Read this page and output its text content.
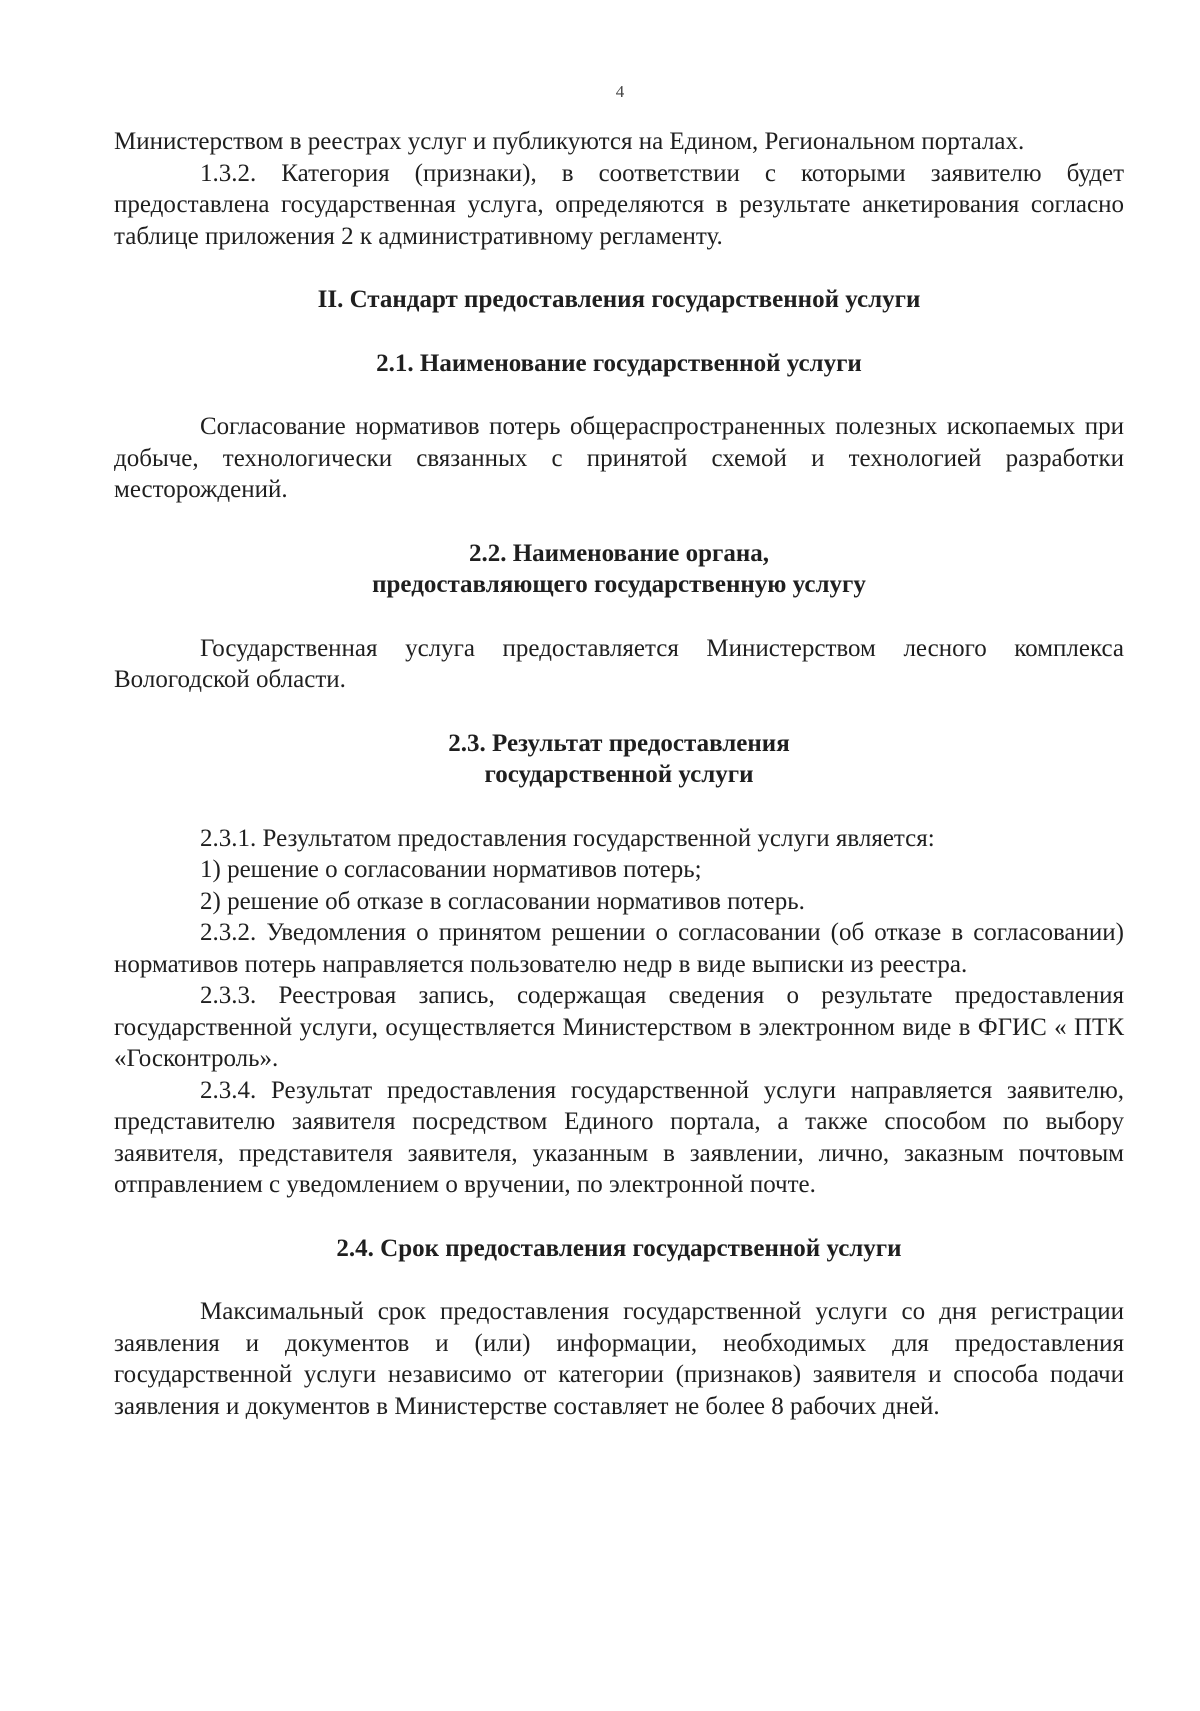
4

Министерством в реестрах услуг и публикуются на Едином, Региональном порталах.

1.3.2. Категория (признаки), в соответствии с которыми заявителю будет предоставлена государственная услуга, определяются в результате анкетирования согласно таблице приложения 2 к административному регламенту.

II. Стандарт предоставления государственной услуги

2.1. Наименование государственной услуги

Согласование нормативов потерь общераспространенных полезных ископаемых при добыче, технологически связанных с принятой схемой и технологией разработки месторождений.

2.2. Наименование органа,

предоставляющего государственную услугу

Государственная услуга предоставляется Министерством лесного комплекса Вологодской области.

2.3. Результат предоставления

государственной услуги

2.3.1. Результатом предоставления государственной услуги является:

1) решение о согласовании нормативов потерь;

2) решение об отказе в согласовании нормативов потерь.

2.3.2. Уведомления о принятом решении о согласовании (об отказе в согласовании) нормативов потерь направляется пользователю недр в виде выписки из реестра.

2.3.3. Реестровая запись, содержащая сведения о результате предоставления государственной услуги, осуществляется Министерством в электронном виде в ФГИС « ПТК «Госконтроль».

2.3.4. Результат предоставления государственной услуги направляется заявителю, представителю заявителя посредством Единого портала, а также способом по выбору заявителя, представителя заявителя, указанным в заявлении, лично, заказным почтовым отправлением с уведомлением о вручении, по электронной почте.

2.4. Срок предоставления государственной услуги

Максимальный срок предоставления государственной услуги со дня регистрации заявления и документов и (или) информации, необходимых для предоставления государственной услуги независимо от категории (признаков) заявителя и способа подачи заявления и документов в Министерстве составляет не более 8 рабочих дней.
